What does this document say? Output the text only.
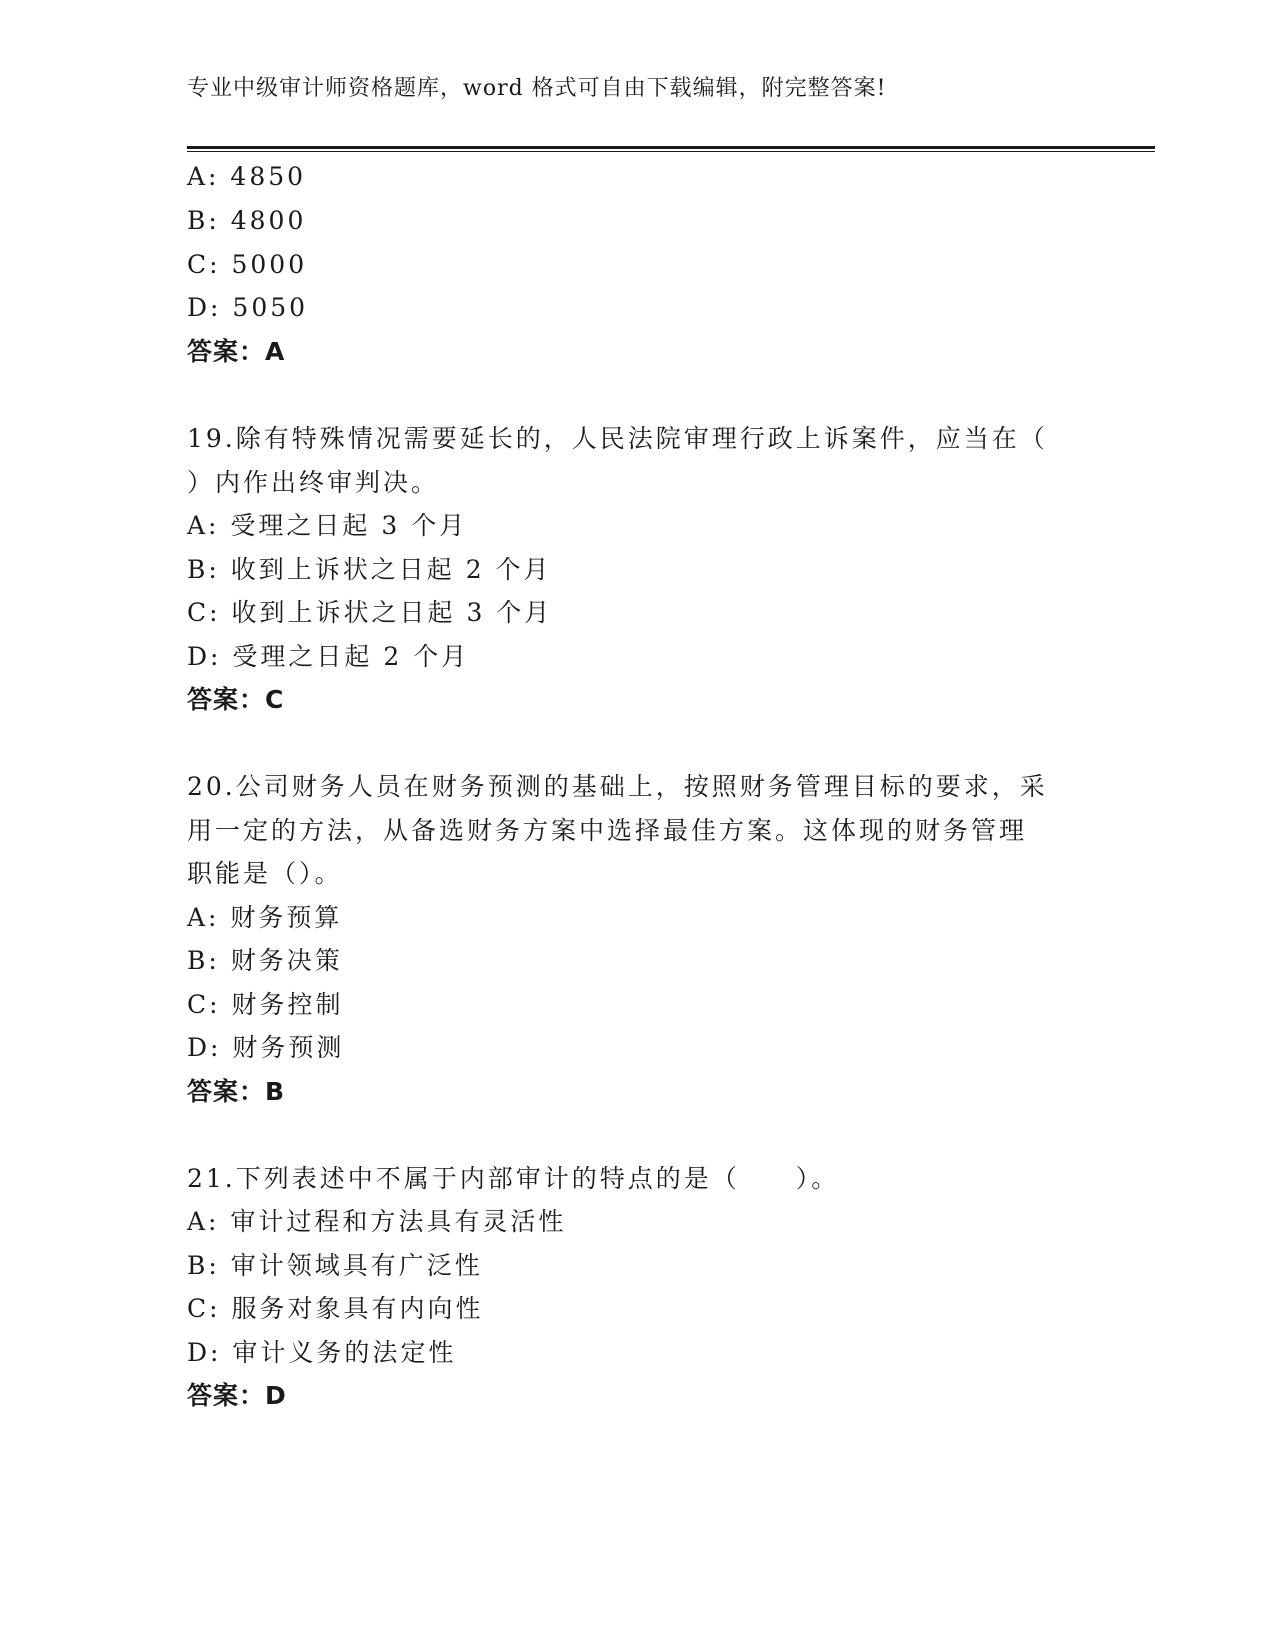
专业中级审计师资格题库，word 格式可自由下载编辑，附完整答案!
A: 4850
B: 4800
C: 5000
D: 5050
答案：A
19.除有特殊情况需要延长的，人民法院审理行政上诉案件，应当在（
）内作出终审判决。
A: 受理之日起 3 个月
B: 收到上诉状之日起 2 个月
C: 收到上诉状之日起 3 个月
D: 受理之日起 2 个月
答案：C
20.公司财务人员在财务预测的基础上，按照财务管理目标的要求，采
用一定的方法，从备选财务方案中选择最佳方案。这体现的财务管理
职能是（）。
A: 财务预算
B: 财务决策
C: 财务控制
D: 财务预测
答案：B
21.下列表述中不属于内部审计的特点的是（　　）。
A: 审计过程和方法具有灵活性
B: 审计领域具有广泛性
C: 服务对象具有内向性
D: 审计义务的法定性
答案：D
